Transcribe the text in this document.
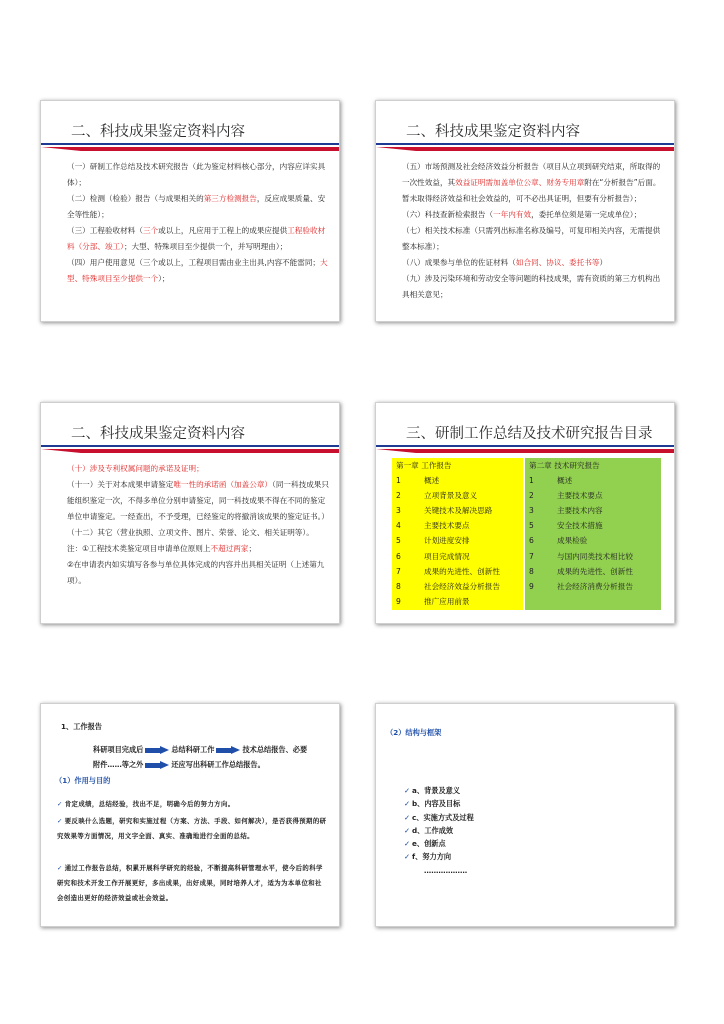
二、科技成果鉴定资料内容

（一）研制工作总结及技术研究报告（此为鉴定材料核心部分，内容应详实具体）；

（二）检测（检验）报告（与成果相关的第三方检测报告，反应成果质量、安全等性能）；

（三）工程验收材料（三个或以上，凡应用于工程上的成果应提供工程验收材料（分部、竣工）；大型、特殊项目至少提供一个，并写明理由）；

（四）用户使用意见（三个或以上，工程项目需由业主出具,内容不能雷同；大型、特殊项目至少提供一个）；

二、科技成果鉴定资料内容

（五）市场预测及社会经济效益分析报告（项目从立项到研究结束，所取得的一次性效益，其效益证明需加盖单位公章、财务专用章附在“分析报告”后面。暂未取得经济效益和社会效益的，可不必出具证明，但要有分析报告）；

（六）科技查新检索报告（一年内有效，委托单位须是第一完成单位）；

（七）相关技术标准（只需列出标准名称及编号，可复印相关内容，无需提供整本标准）；

（八）成果参与单位的佐证材料（如合同、协议、委托书等）

（九）涉及污染环境和劳动安全等问题的科技成果，需有资质的第三方机构出具相关意见；

二、科技成果鉴定资料内容

（十）涉及专利权属问题的承诺及证明；

（十一）关于对本成果申请鉴定唯一性的承诺函（加盖公章）（同一科技成果只能组织鉴定一次，不得多单位分别申请鉴定，同一科技成果不得在不同的鉴定单位申请鉴定。一经查出，不予受理，已经鉴定的将撤消该成果的鉴定证书。）

（十二）其它（营业执照、立项文件、图片、荣誉、论文、相关证明等）。

注：①工程技术类鉴定项目申请单位原则上不超过两家；

②在申请表内如实填写各参与单位具体完成的内容并出具相关证明（上述第九项）。

三、研制工作总结及技术研究报告目录
第一章 工作报告
1	概述
2	立项背景及意义
3	关键技术及解决思路
4	主要技术要点
5	计划进度安排
6	项目完成情况
7	成果的先进性、创新性
8	社会经济效益分析报告
9	推广应用前景
第二章 技术研究报告
1	概述
2	主要技术要点
3	主要技术内容
5	安全技术措施
6	成果检验
7	与国内同类技术相比较
8	成果的先进性、创新性
9	社会经济消费分析报告
1、工作报告
科研项目完成后	总结科研工作	技术总结报告、必要
附件……等之外	还应写出科研工作总结报告。
（1）作用与目的
✓ 肯定成绩，总结经验，找出不足，明确今后的努力方向。
✓ 要反映什么选题，研究和实施过程（方案、方法、手段、如何解决），是否获得预期的研究效果等方面情况，用文字全面、真实、准确地进行全面的总结。
✓ 通过工作报告总结，积累开展科学研究的经验，不断提高科研管理水平，使今后的科学研究和技术开发工作开展更好，多出成果，出好成果，同时培养人才，适为为本单位和社会创造出更好的经济效益或社会效益。
（2）结构与框架
✓ a、背景及意义
✓ b、内容及目标
✓ c、实施方式及过程
✓ d、工作成效
✓ e、创新点
✓ f、努力方向
………………
